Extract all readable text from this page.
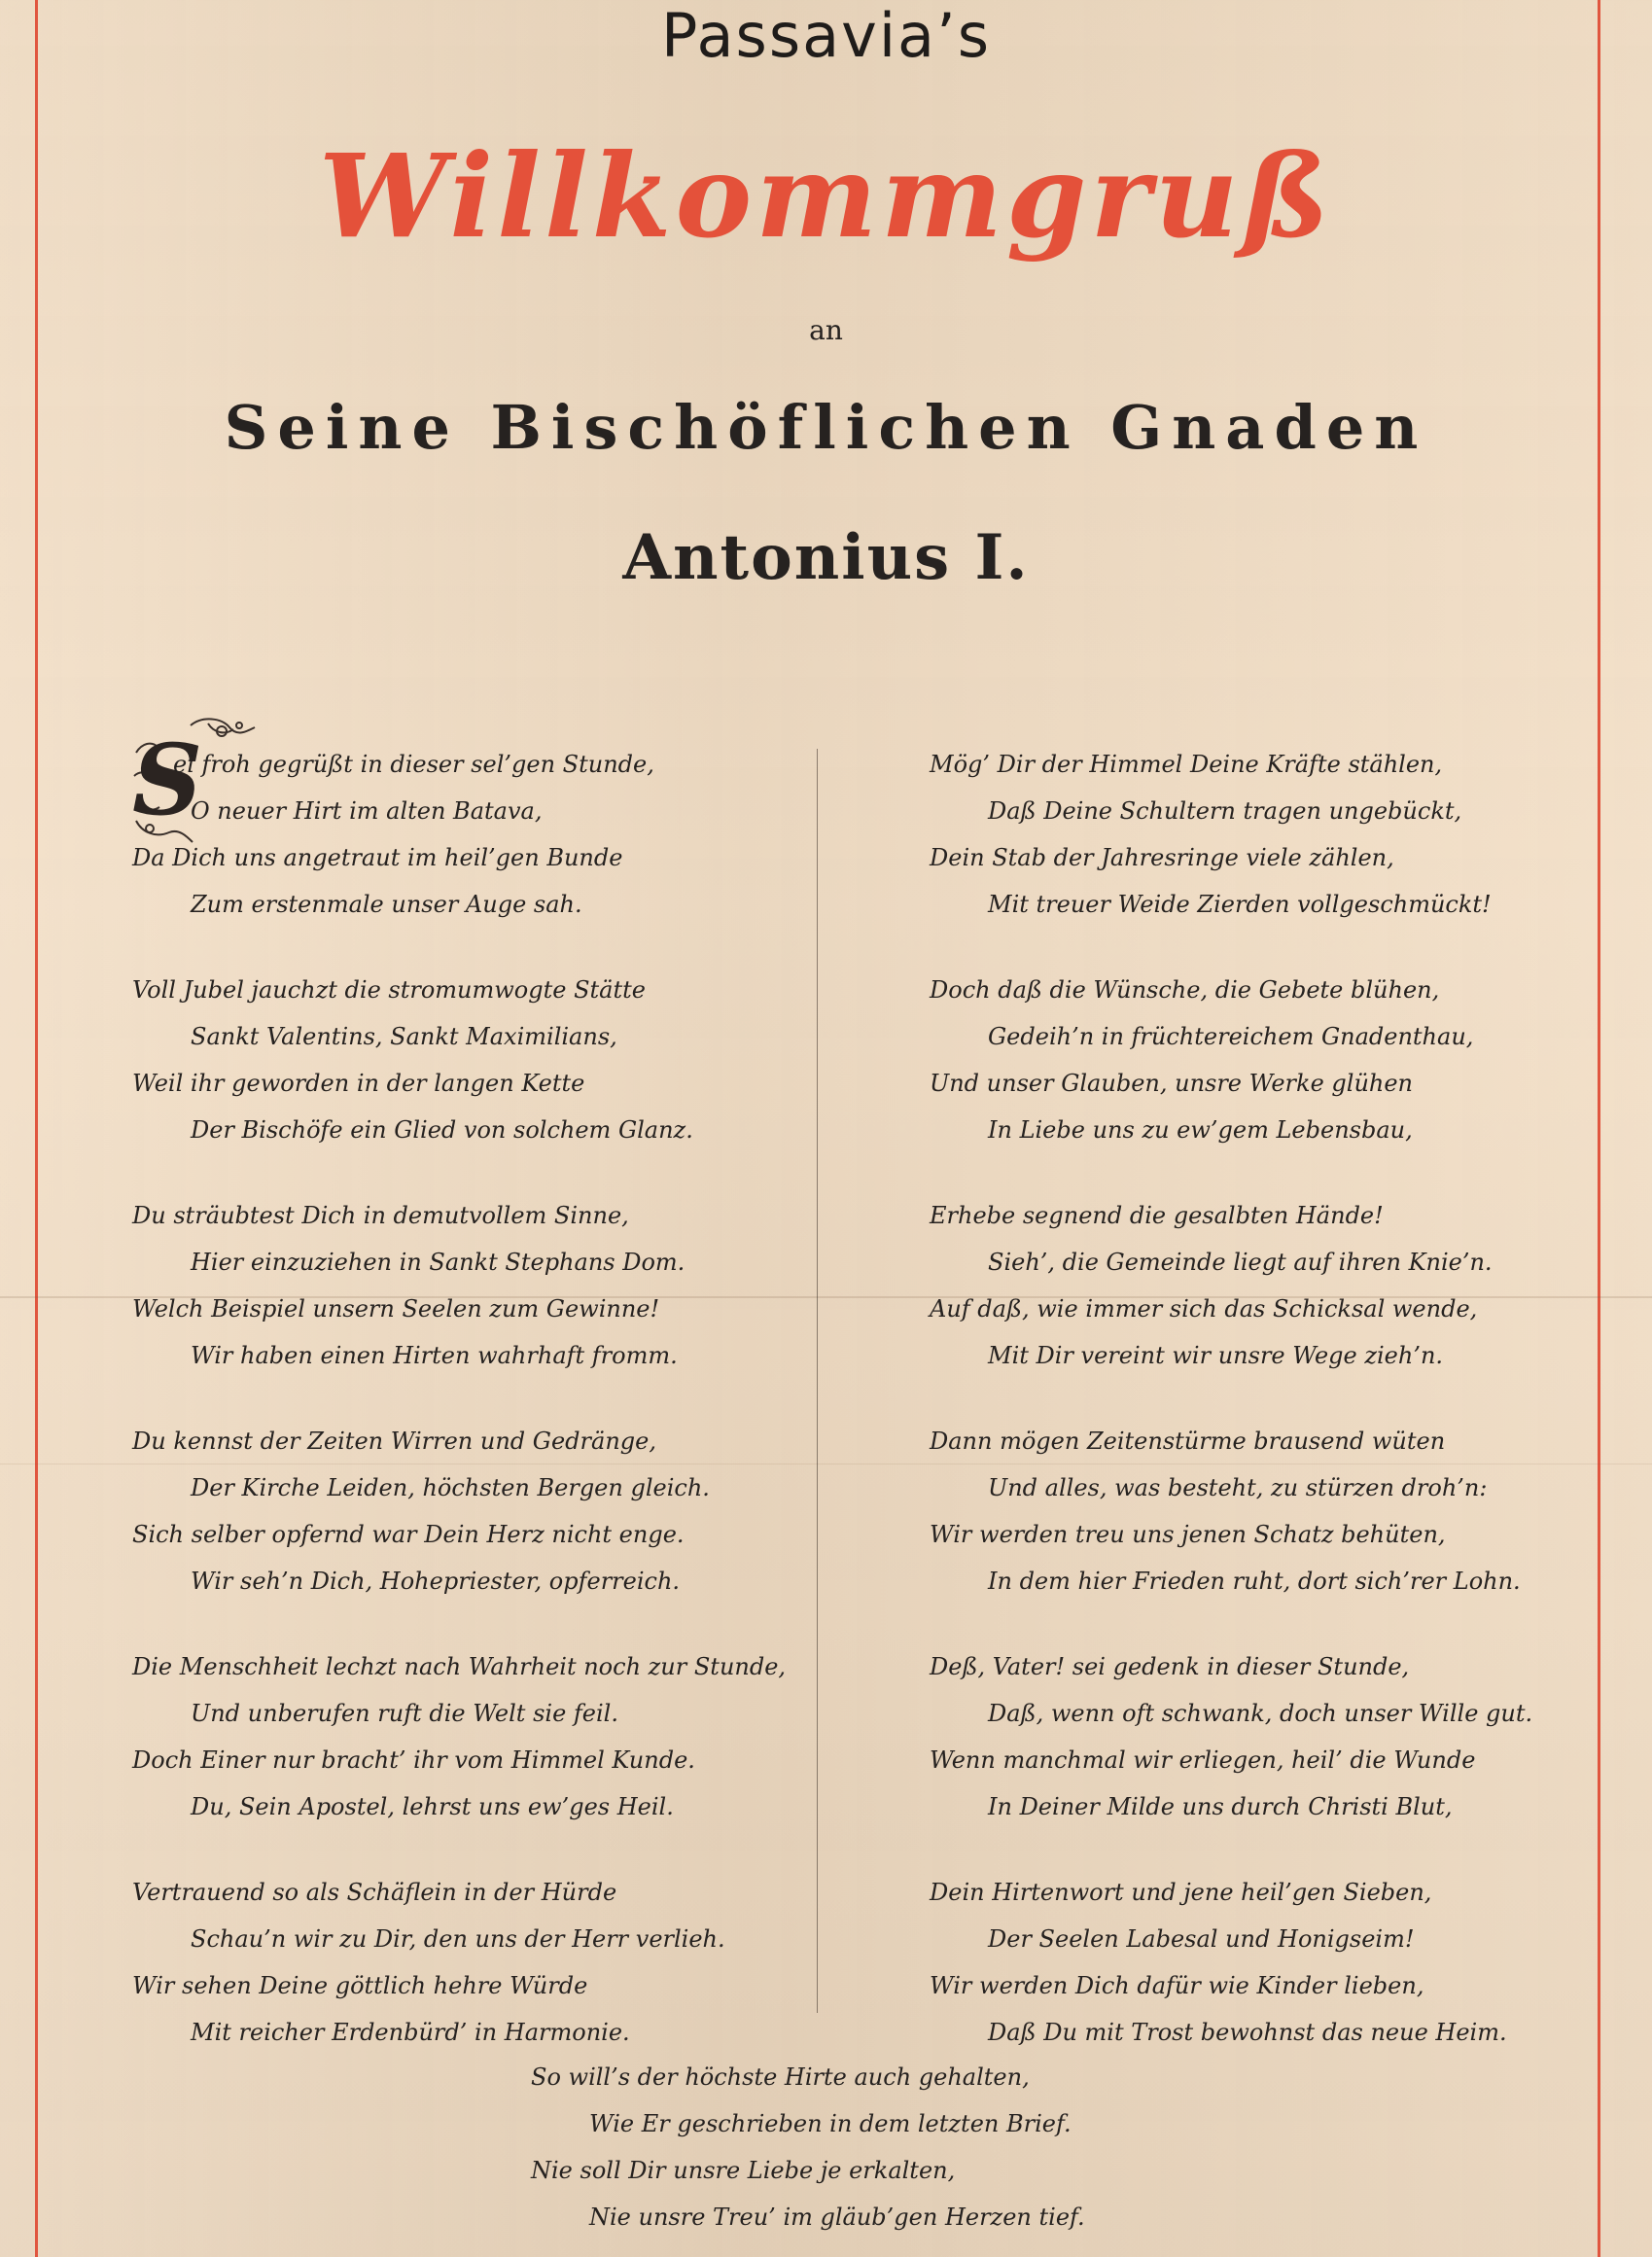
Passavia’s
Willkommgruß
an
Seine Bischöflichen Gnaden
Antonius I.
S
ei froh gegrüßt in dieser sel’gen Stunde,
O neuer Hirt im alten Batava,
Da Dich uns angetraut im heil’gen Bunde
Zum erstenmale unser Auge sah.
Voll Jubel jauchzt die stromumwogte Stätte
Sankt Valentins, Sankt Maximilians,
Weil ihr geworden in der langen Kette
Der Bischöfe ein Glied von solchem Glanz.
Du sträubtest Dich in demutvollem Sinne,
Hier einzuziehen in Sankt Stephans Dom.
Welch Beispiel unsern Seelen zum Gewinne!
Wir haben einen Hirten wahrhaft fromm.
Du kennst der Zeiten Wirren und Gedränge,
Der Kirche Leiden, höchsten Bergen gleich.
Sich selber opfernd war Dein Herz nicht enge.
Wir seh’n Dich, Hohepriester, opferreich.
Die Menschheit lechzt nach Wahrheit noch zur Stunde,
Und unberufen ruft die Welt sie feil.
Doch Einer nur bracht’ ihr vom Himmel Kunde.
Du, Sein Apostel, lehrst uns ew’ges Heil.
Vertrauend so als Schäflein in der Hürde
Schau’n wir zu Dir, den uns der Herr verlieh.
Wir sehen Deine göttlich hehre Würde
Mit reicher Erdenbürd’ in Harmonie.
Mög’ Dir der Himmel Deine Kräfte stählen,
Daß Deine Schultern tragen ungebückt,
Dein Stab der Jahresringe viele zählen,
Mit treuer Weide Zierden vollgeschmückt!
Doch daß die Wünsche, die Gebete blühen,
Gedeih’n in früchtereichem Gnadenthau,
Und unser Glauben, unsre Werke glühen
In Liebe uns zu ew’gem Lebensbau,
Erhebe segnend die gesalbten Hände!
Sieh’, die Gemeinde liegt auf ihren Knie’n.
Auf daß, wie immer sich das Schicksal wende,
Mit Dir vereint wir unsre Wege zieh’n.
Dann mögen Zeitenstürme brausend wüten
Und alles, was besteht, zu stürzen droh’n:
Wir werden treu uns jenen Schatz behüten,
In dem hier Frieden ruht, dort sich’rer Lohn.
Deß, Vater! sei gedenk in dieser Stunde,
Daß, wenn oft schwank, doch unser Wille gut.
Wenn manchmal wir erliegen, heil’ die Wunde
In Deiner Milde uns durch Christi Blut,
Dein Hirtenwort und jene heil’gen Sieben,
Der Seelen Labesal und Honigseim!
Wir werden Dich dafür wie Kinder lieben,
Daß Du mit Trost bewohnst das neue Heim.
So will’s der höchste Hirte auch gehalten,
Wie Er geschrieben in dem letzten Brief.
Nie soll Dir unsre Liebe je erkalten,
Nie unsre Treu’ im gläub’gen Herzen tief.
